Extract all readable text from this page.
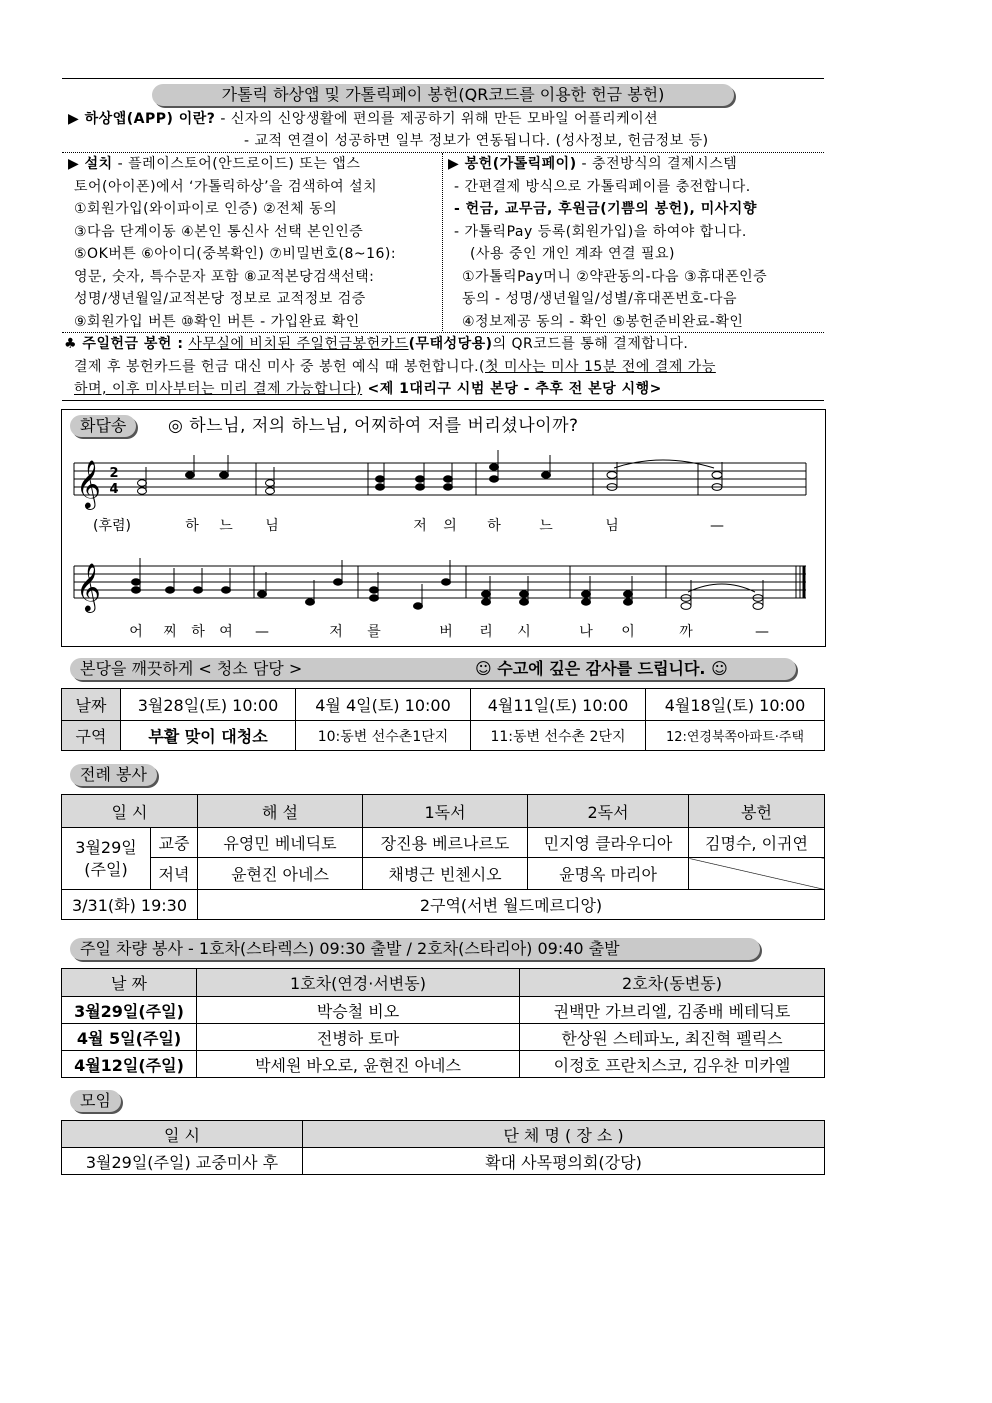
가톨릭 하상앱 및 가톨릭페이 봉헌(QR코드를 이용한 헌금 봉헌)
▶ 하상앱(APP) 이란? - 신자의 신앙생활에 편의를 제공하기 위해 만든 모바일 어플리케이션
- 교적 연결이 성공하면 일부 정보가 연동됩니다. (성사정보, 헌금정보 등)
▶ 설치 - 플레이스토어(안드로이드) 또는 앱스
토어(아이폰)에서 ‘가톨릭하상’을 검색하여 설치
①회원가입(와이파이로 인증) ②전체 동의
③다음 단계이동 ④본인 통신사 선택 본인인증
⑤OK버튼 ⑥아이디(중복확인) ⑦비밀번호(8~16):
영문, 숫자, 특수문자 포함 ⑧교적본당검색선택:
성명/생년월일/교적본당 정보로 교적정보 검증
⑨회원가입 버튼 ⑩확인 버튼 - 가입완료 확인
▶ 봉헌(가톨릭페이) - 충전방식의 결제시스템
- 간편결제 방식으로 가톨릭페이를 충전합니다.
- 헌금, 교무금, 후원금(기쁨의 봉헌), 미사지향
- 가톨릭Pay 등록(회원가입)을 하여야 합니다.
(사용 중인 개인 계좌 연결 필요)
①가톨릭Pay머니 ②약관동의-다음 ③휴대폰인증
동의 - 성명/생년월일/성별/휴대폰번호-다음
④정보제공 동의 - 확인 ⑤봉헌준비완료-확인
♣ 주일헌금 봉헌 : 사무실에 비치된 주일헌금봉헌카드(무태성당용)의 QR코드를 통해 결제합니다.
결제 후 봉헌카드를 헌금 대신 미사 중 봉헌 예식 때 봉헌합니다.(첫 미사는 미사 15분 전에 결제 가능
하며, 이후 미사부터는 미리 결제 가능합니다) <제 1대리구 시범 본당 - 추후 전 본당 시행>
화답송	◎ 하느님, 저의 하느님, 어찌하여 저를 버리셨나이까?
𝄞
𝄞
2
4
(후렴)	하 느 님	저 의 하	느	님	—
어 찌 하 여 —	저 를	버 리 시	나 이	까	—
본당을 깨끗하게 < 청소 담당 >	☺ 수고에 깊은 감사를 드립니다. ☺
날짜	3월28일(토) 10:00	4월 4일(토) 10:00	4월11일(토) 10:00	4월18일(토) 10:00
구역	부활 맞이 대청소	10:동변 선수촌1단지	11:동변 선수촌 2단지	12:연경북쪽아파트·주택
전례 봉사
일 시		해 설	1독서	2독서	봉헌

3월29일
(주일)	교중	유영민 베네딕토	장진용 베르나르도	민지영 클라우디아	김명수, 이귀연
	저녁	윤현진 아네스	채병근 빈첸시오	윤명옥 마리아	
3/31(화) 19:30		2구역(서변 월드메르디앙)			
주일 차량 봉사 - 1호차(스타렉스) 09:30 출발 / 2호차(스타리아) 09:40 출발
날 짜	1호차(연경·서변동)	2호차(동변동)
3월29일(주일)	박승철 비오	권백만 가브리엘, 김종배 베테딕토
4월 5일(주일)	전병하 토마	한상원 스테파노, 최진혁 펠릭스
4월12일(주일)	박세원 바오로, 윤현진 아네스	이정호 프란치스코, 김우찬 미카엘
모임
일 시	단 체 명 ( 장 소 )
3월29일(주일) 교중미사 후	확대 사목평의회(강당)
